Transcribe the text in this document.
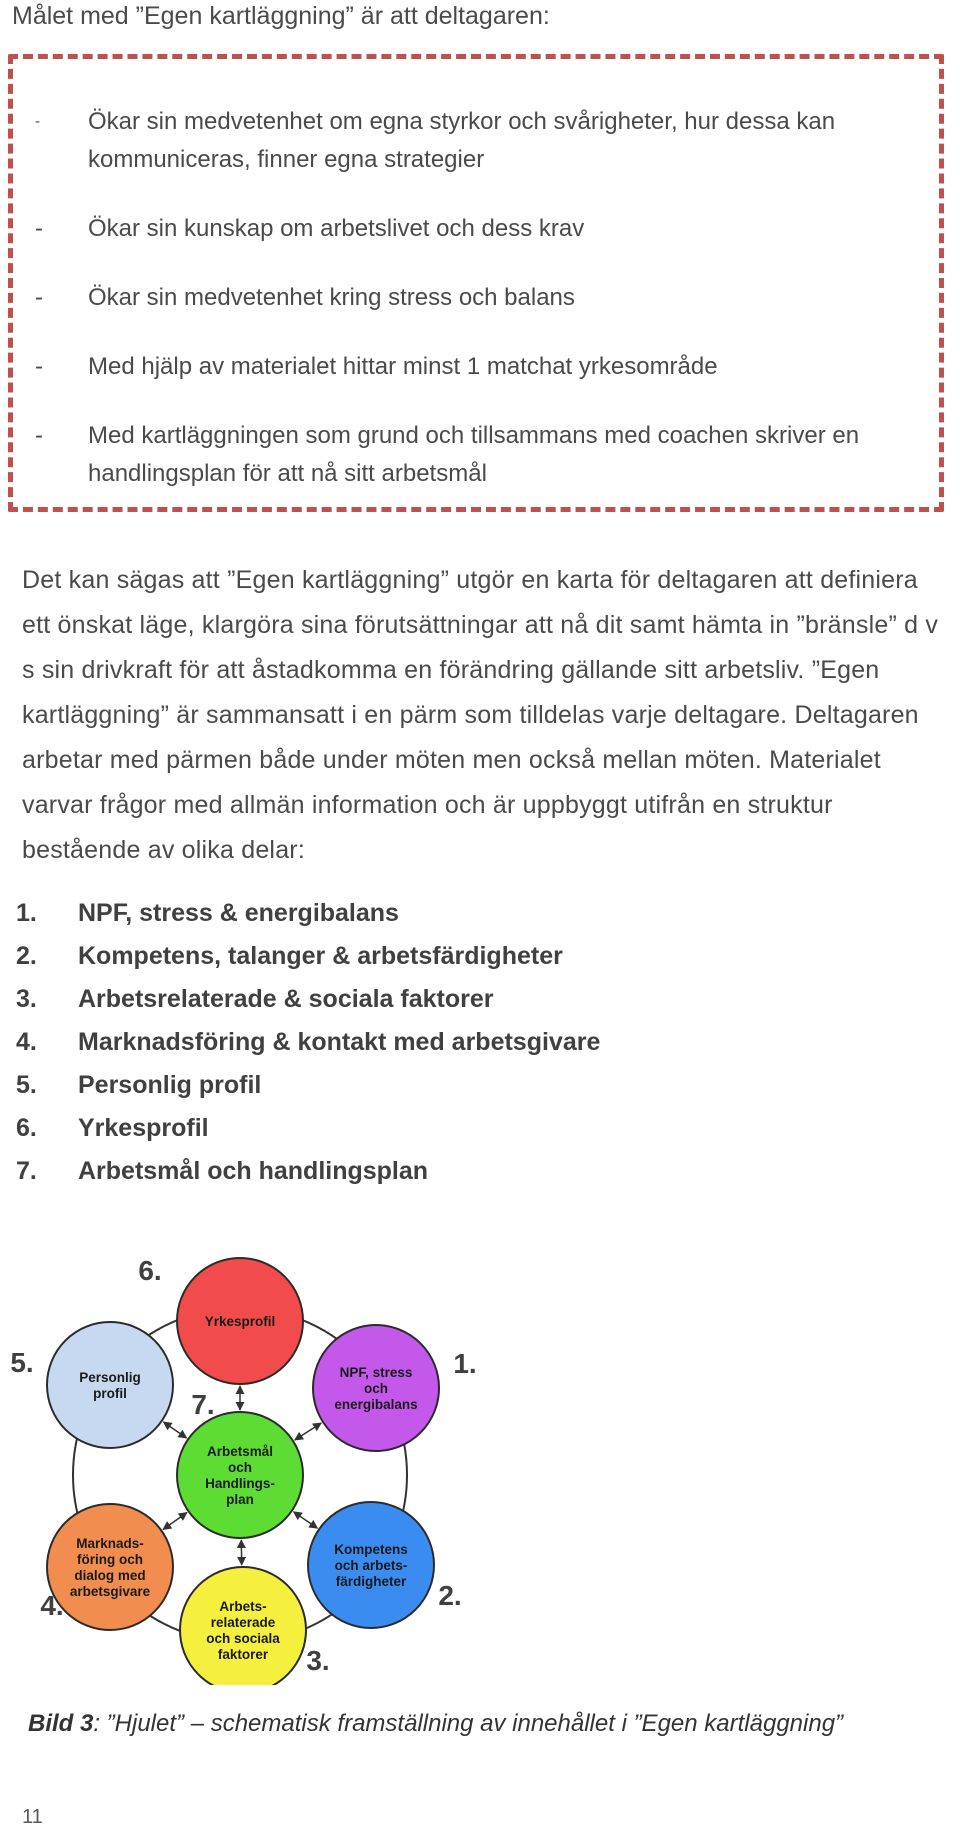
Målet med ”Egen kartläggning” är att deltagaren:
- Ökar sin medvetenhet om egna styrkor och svårigheter, hur dessa kan kommuniceras, finner egna strategier
- Ökar sin kunskap om arbetslivet och dess krav
- Ökar sin medvetenhet kring stress och balans
- Med hjälp av materialet hittar minst 1 matchat yrkesområde
- Med kartläggningen som grund och tillsammans med coachen skriver en handlingsplan för att nå sitt arbetsmål

Det kan sägas att ”Egen kartläggning” utgör en karta för deltagaren att definiera ett önskat läge, klargöra sina förutsättningar att nå dit samt hämta in ”bränsle” d v s sin drivkraft för att åstadkomma en förändring gällande sitt arbetsliv. ”Egen kartläggning” är sammansatt i en pärm som tilldelas varje deltagare. Deltagaren arbetar med pärmen både under möten men också mellan möten. Materialet varvar frågor med allmän information och är uppbyggt utifrån en struktur bestående av olika delar:

1. NPF, stress & energibalans
2. Kompetens, talanger & arbetsfärdigheter
3. Arbetsrelaterade & sociala faktorer
4. Marknadsföring & kontakt med arbetsgivare
5. Personlig profil
6. Yrkesprofil
7. Arbetsmål och handlingsplan
Yrkesprofil
6.
NPF, stress
och
energibalans
1.
Kompetens
och arbets-
färdigheter 2.
Arbets-
relaterade
och sociala
faktorer 3.
Marknads-
föring och
dialog med
arbetsgivare
4.
Personlig
profil
5.
Arbetsmål
och
Handlings-
plan
7.

Bild 3: ”Hjulet” – schematisk framställning av innehållet i ”Egen kartläggning”

11
